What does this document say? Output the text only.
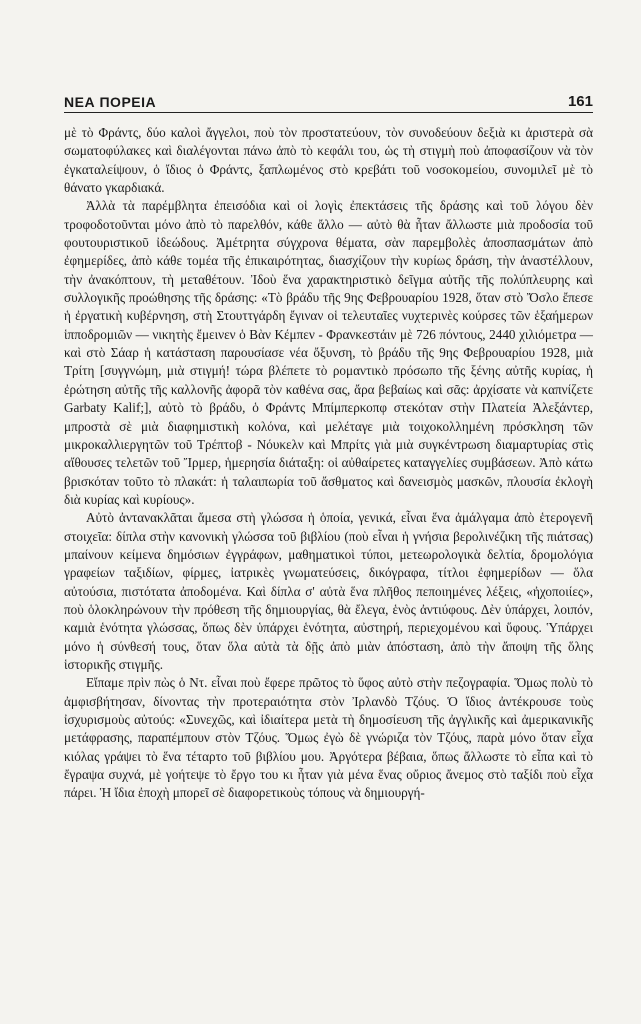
ΝΕΑ ΠΟΡΕΙΑ	161

μὲ τὸ Φράντς, δύο καλοὶ ἄγγελοι, ποὺ τὸν προστατεύουν, τὸν συνοδεύουν δεξιὰ κι ἀριστερὰ σὰ σωματοφύλακες καὶ διαλέγονται πάνω ἀπὸ τὸ κεφάλι του, ὡς τὴ στιγμὴ ποὺ ἀποφασίζουν νὰ τὸν ἐγκαταλείψουν, ὁ ἴδιος ὁ Φράντς, ξαπλωμένος στὸ κρεβάτι τοῦ νοσοκομείου, συνομιλεῖ μὲ τὸ θάνατο γκαρδιακά.

Ἀλλὰ τὰ παρέμβλητα ἐπεισόδια καὶ οἱ λογὶς ἐπεκτάσεις τῆς δράσης καὶ τοῦ λόγου δὲν τροφοδοτοῦνται μόνο ἀπὸ τὸ παρελθόν, κάθε ἄλλο — αὐτὸ θὰ ἦταν ἄλλωστε μιὰ προδοσία τοῦ φουτουριστικοῦ ἰδεώδους. Ἀμέτρητα σύγχρονα θέματα, σὰν παρεμβολὲς ἀποσπασμάτων ἀπὸ ἐφημερίδες, ἀπὸ κάθε τομέα τῆς ἐπικαιρότητας, διασχίζουν τὴν κυρίως δράση, τὴν ἀναστέλλουν, τὴν ἀνακόπτουν, τὴ μεταθέτουν. Ἰδοὺ ἕνα χαρακτηριστικὸ δεῖγμα αὐτῆς τῆς πολύπλευρης καὶ συλλογικῆς προώθησης τῆς δράσης: «Τὸ βράδυ τῆς 9ης Φεβρουαρίου 1928, ὅταν στὸ Ὄσλο ἔπεσε ἡ ἐργατικὴ κυβέρνηση, στὴ Στουττγάρδη ἔγιναν οἱ τελευταῖες νυχτερινὲς κούρσες τῶν ἑξαήμερων ἱπποδρομιῶν — νικητὴς ἔμεινεν ὁ Βὰν Κέμπεν - Φρανκεστάιν μὲ 726 πόντους, 2440 χιλιόμετρα — καὶ στὸ Σάαρ ἡ κατάσταση παρουσίασε νέα ὄξυνση, τὸ βράδυ τῆς 9ης Φεβρουαρίου 1928, μιὰ Τρίτη [συγγνώμη, μιὰ στιγμή! τώρα βλέπετε τὸ ρομαντικὸ πρόσωπο τῆς ξένης αὐτῆς κυρίας, ἡ ἐρώτηση αὐτῆς τῆς καλλονῆς ἀφορᾶ τὸν καθένα σας, ἄρα βεβαίως καὶ σᾶς: ἀρχίσατε νὰ καπνίζετε Garbaty Kalif;], αὐτὸ τὸ βράδυ, ὁ Φράντς Μπίμπερκοπφ στεκόταν στὴν Πλατεία Ἀλεξάντερ, μπροστὰ σὲ μιὰ διαφημιστικὴ κολόνα, καὶ μελέταγε μιὰ τοιχοκολλημένη πρόσκληση τῶν μικροκαλλιεργητῶν τοῦ Τρέπτοβ - Νόυκελν καὶ Μπρίτς γιὰ μιὰ συγκέντρωση διαμαρτυρίας στὶς αἴθουσες τελετῶν τοῦ Ἴρμερ, ἡμερησία διάταξη: οἱ αὐθαίρετες καταγγελίες συμβάσεων. Ἀπὸ κάτω βρισκόταν τοῦτο τὸ πλακάτ: ἡ ταλαιπωρία τοῦ ἄσθματος καὶ δανεισμὸς μασκῶν, πλουσία ἐκλογὴ διὰ κυρίας καὶ κυρίους».

Αὐτὸ ἀντανακλᾶται ἄμεσα στὴ γλώσσα ἡ ὁποία, γενικά, εἶναι ἕνα ἀμάλγαμα ἀπὸ ἑτερογενῆ στοιχεῖα: δίπλα στὴν κανονικὴ γλώσσα τοῦ βιβλίου (ποὺ εἶναι ἡ γνήσια βερολινέζικη τῆς πιάτσας) μπαίνουν κείμενα δημόσιων ἐγγράφων, μαθηματικοὶ τύποι, μετεωρολογικὰ δελτία, δρομολόγια γραφείων ταξιδίων, φίρμες, ἰατρικὲς γνωματεύσεις, δικόγραφα, τίτλοι ἐφημερίδων — ὅλα αὐτούσια, πιστότατα ἀποδομένα. Καὶ δίπλα σ' αὐτὰ ἕνα πλῆθος πεποιημένες λέξεις, «ἠχοποιίες», ποὺ ὁλοκληρώνουν τὴν πρόθεση τῆς δημιουργίας, θὰ ἔλεγα, ἑνὸς ἀντιύφους. Δὲν ὑπάρχει, λοιπόν, καμιὰ ἑνότητα γλώσσας, ὅπως δὲν ὑπάρχει ἑνότητα, αὐστηρή, περιεχομένου καὶ ὕφους. Ὑπάρχει μόνο ἡ σύνθεσή τους, ὅταν ὅλα αὐτὰ τὰ δῇς ἀπὸ μιὰν ἀπόσταση, ἀπὸ τὴν ἄποψη τῆς ὅλης ἱστορικῆς στιγμῆς.

Εἴπαμε πρὶν πὼς ὁ Ντ. εἶναι ποὺ ἔφερε πρῶτος τὸ ὕφος αὐτὸ στὴν πεζογραφία. Ὅμως πολὺ τὸ ἀμφισβήτησαν, δίνοντας τὴν προτεραιότητα στὸν Ἰρλανδὸ Τζόυς. Ὁ ἴδιος ἀντέκρουσε τοὺς ἰσχυρισμοὺς αὐτούς: «Συνεχῶς, καὶ ἰδιαίτερα μετὰ τὴ δημοσίευση τῆς ἀγγλικῆς καὶ ἀμερικανικῆς μετάφρασης, παραπέμπουν στὸν Τζόυς. Ὅμως ἐγὼ δὲ γνώριζα τὸν Τζόυς, παρὰ μόνο ὅταν εἶχα κιόλας γράψει τὸ ἕνα τέταρτο τοῦ βιβλίου μου. Ἀργότερα βέβαια, ὅπως ἄλλωστε τὸ εἶπα καὶ τὸ ἔγραψα συχνά, μὲ γοήτεψε τὸ ἔργο του κι ἦταν γιὰ μένα ἕνας οὔριος ἄνεμος στὸ ταξίδι ποὺ εἶχα πάρει. Ἡ ἴδια ἐποχὴ μπορεῖ σὲ διαφορετικοὺς τόπους νὰ δημιουργή-
